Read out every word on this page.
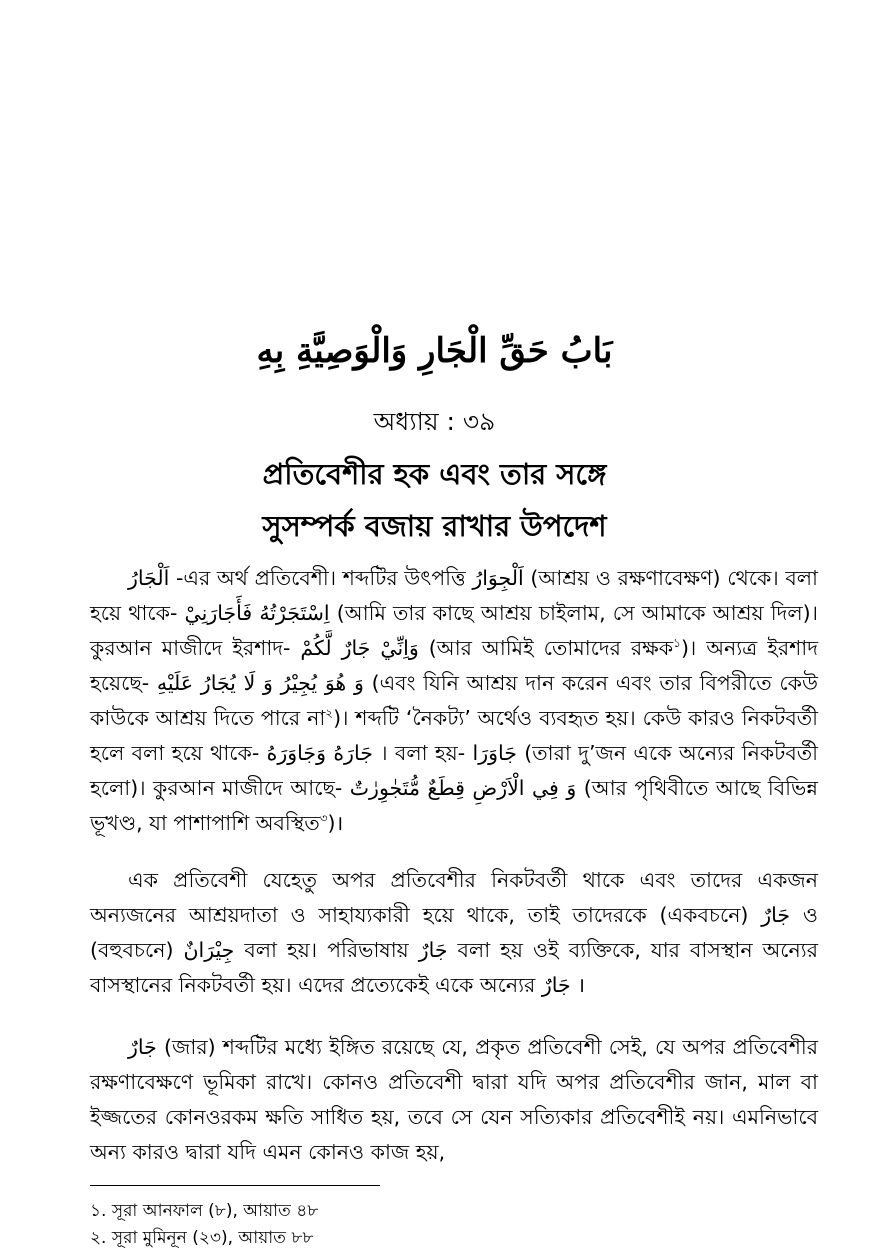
بَابُ حَقِّ الْجَارِ وَالْوَصِيَّةِ بِهِ
অধ্যায় : ৩৯
প্রতিবেশীর হক এবং তার সঙ্গে
সুসম্পর্ক বজায় রাখার উপদেশ
اَلْجَارُ -এর অর্থ প্রতিবেশী। শব্দটির উৎপত্তি اَلْجِوَارُ (আশ্রয় ও রক্ষণাবেক্ষণ) থেকে। বলা হয়ে থাকে- اِسْتَجَرْتُهُ فَأَجَارَنِيْ (আমি তার কাছে আশ্রয় চাইলাম, সে আমাকে আশ্রয় দিল)। কুরআন মাজীদে ইরশাদ- وَاِنِّيْ جَارٌ لَّكُمْ (আর আমিই তোমাদের রক্ষক$^১$)। অন্যত্র ইরশাদ হয়েছে- وَ هُوَ يُجِيْرُ وَ لَا يُجَارُ عَلَيْهِ (এবং যিনি আশ্রয় দান করেন এবং তার বিপরীতে কেউ কাউকে আশ্রয় দিতে পারে না$^২$)। শব্দটি ‘নৈকট্য’ অর্থেও ব্যবহৃত হয়। কেউ কারও নিকটবর্তী হলে বলা হয়ে থাকে- جَارَهُ وَجَاوَرَهُ । বলা হয়- جَاوَرَا (তারা দু’জন একে অন্যের নিকটবর্তী হলো)। কুরআন মাজীদে আছে- وَ فِي الْاَرْضِ قِطَعٌ مُّتَجٰوِرٰتٌ (আর পৃথিবীতে আছে বিভিন্ন ভূখণ্ড, যা পাশাপাশি অবস্থিত$^৩$)।
এক প্রতিবেশী যেহেতু অপর প্রতিবেশীর নিকটবর্তী থাকে এবং তাদের একজন অন্যজনের আশ্রয়দাতা ও সাহায্যকারী হয়ে থাকে, তাই তাদেরকে (একবচনে) جَارٌ ও (বহুবচনে) جِيْرَانٌ বলা হয়। পরিভাষায় جَارٌ বলা হয় ওই ব্যক্তিকে, যার বাসস্থান অন্যের বাসস্থানের নিকটবর্তী হয়। এদের প্রত্যেকেই একে অন্যের جَارٌ ।
جَارٌ (জার) শব্দটির মধ্যে ইঙ্গিত রয়েছে যে, প্রকৃত প্রতিবেশী সেই, যে অপর প্রতিবেশীর রক্ষণাবেক্ষণে ভূমিকা রাখে। কোনও প্রতিবেশী দ্বারা যদি অপর প্রতিবেশীর জান, মাল বা ইজ্জতের কোনওরকম ক্ষতি সাধিত হয়, তবে সে যেন সত্যিকার প্রতিবেশীই নয়। এমনিভাবে অন্য কারও দ্বারা যদি এমন কোনও কাজ হয়,
১. সূরা আনফাল (৮), আয়াত ৪৮
২. সূরা মুমিনূন (২৩), আয়াত ৮৮
